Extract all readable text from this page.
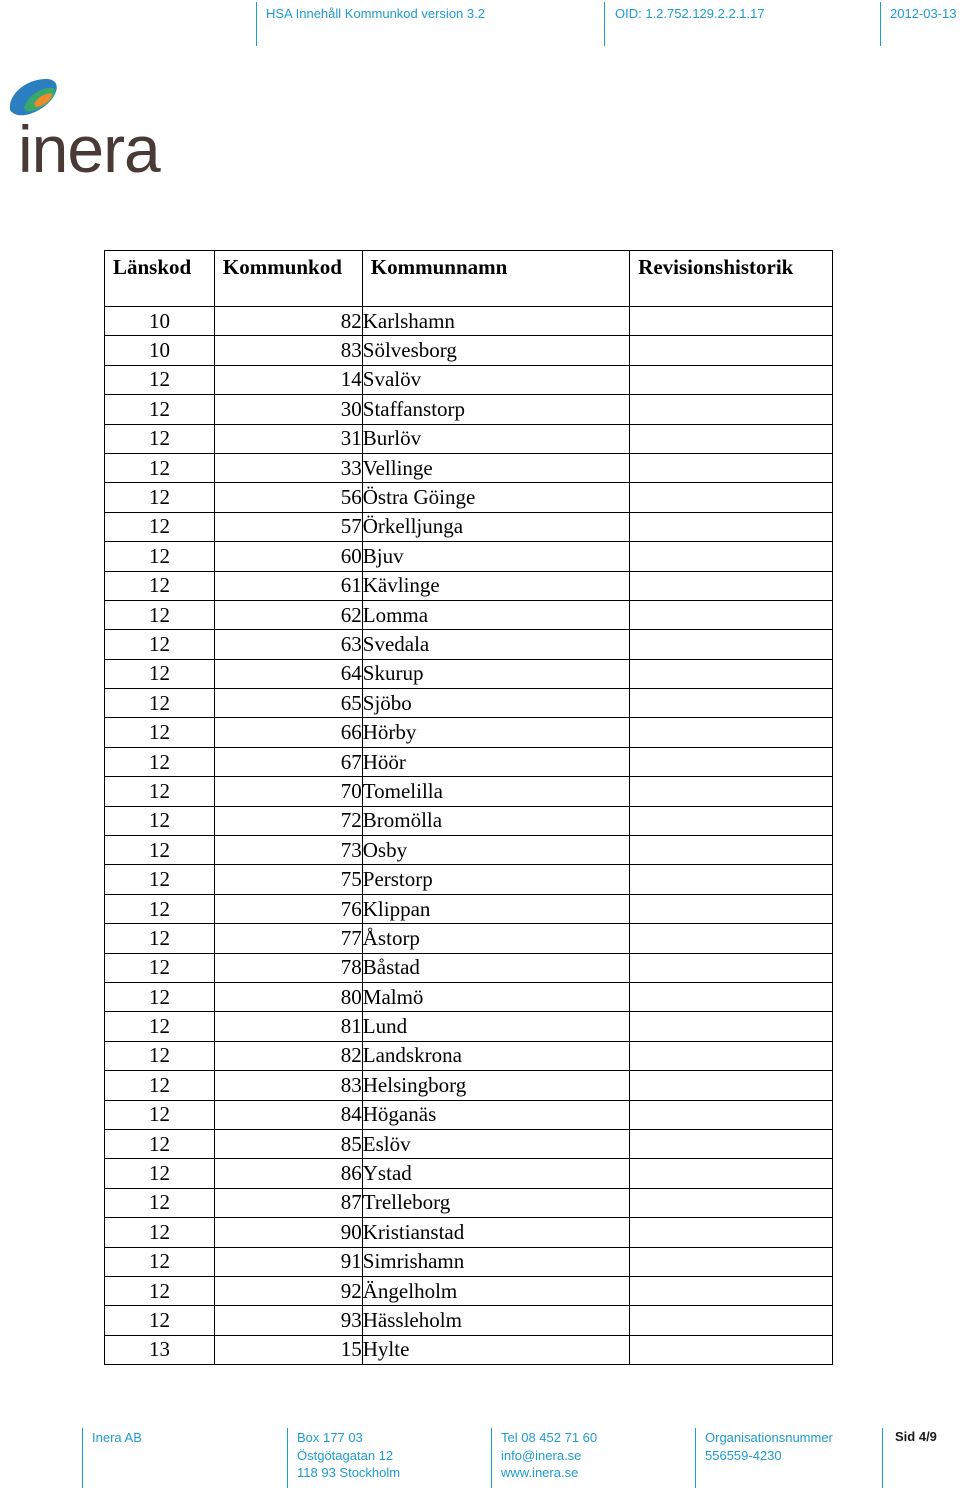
HSA Innehåll Kommunkod version 3.2	OID: 1.2.752.129.2.2.1.17	2012-03-13
inera
Länskod	Kommunkod	Kommunnamn	Revisionshistorik
10	82	Karlshamn	
10	83	Sölvesborg	
12	14	Svalöv	
12	30	Staffanstorp	
12	31	Burlöv	
12	33	Vellinge	
12	56	Östra Göinge	
12	57	Örkelljunga	
12	60	Bjuv	
12	61	Kävlinge	
12	62	Lomma	
12	63	Svedala	
12	64	Skurup	
12	65	Sjöbo	
12	66	Hörby	
12	67	Höör	
12	70	Tomelilla	
12	72	Bromölla	
12	73	Osby	
12	75	Perstorp	
12	76	Klippan	
12	77	Åstorp	
12	78	Båstad	
12	80	Malmö	
12	81	Lund	
12	82	Landskrona	
12	83	Helsingborg	
12	84	Höganäs	
12	85	Eslöv	
12	86	Ystad	
12	87	Trelleborg	
12	90	Kristianstad	
12	91	Simrishamn	
12	92	Ängelholm	
12	93	Hässleholm	
13	15	Hylte	
Inera AB	Box 177 03
Östgötagatan 12
118 93 Stockholm
Tel 08 452 71 60
info@inera.se
www.inera.se
Organisationsnummer
556559-4230
Sid 4/9
